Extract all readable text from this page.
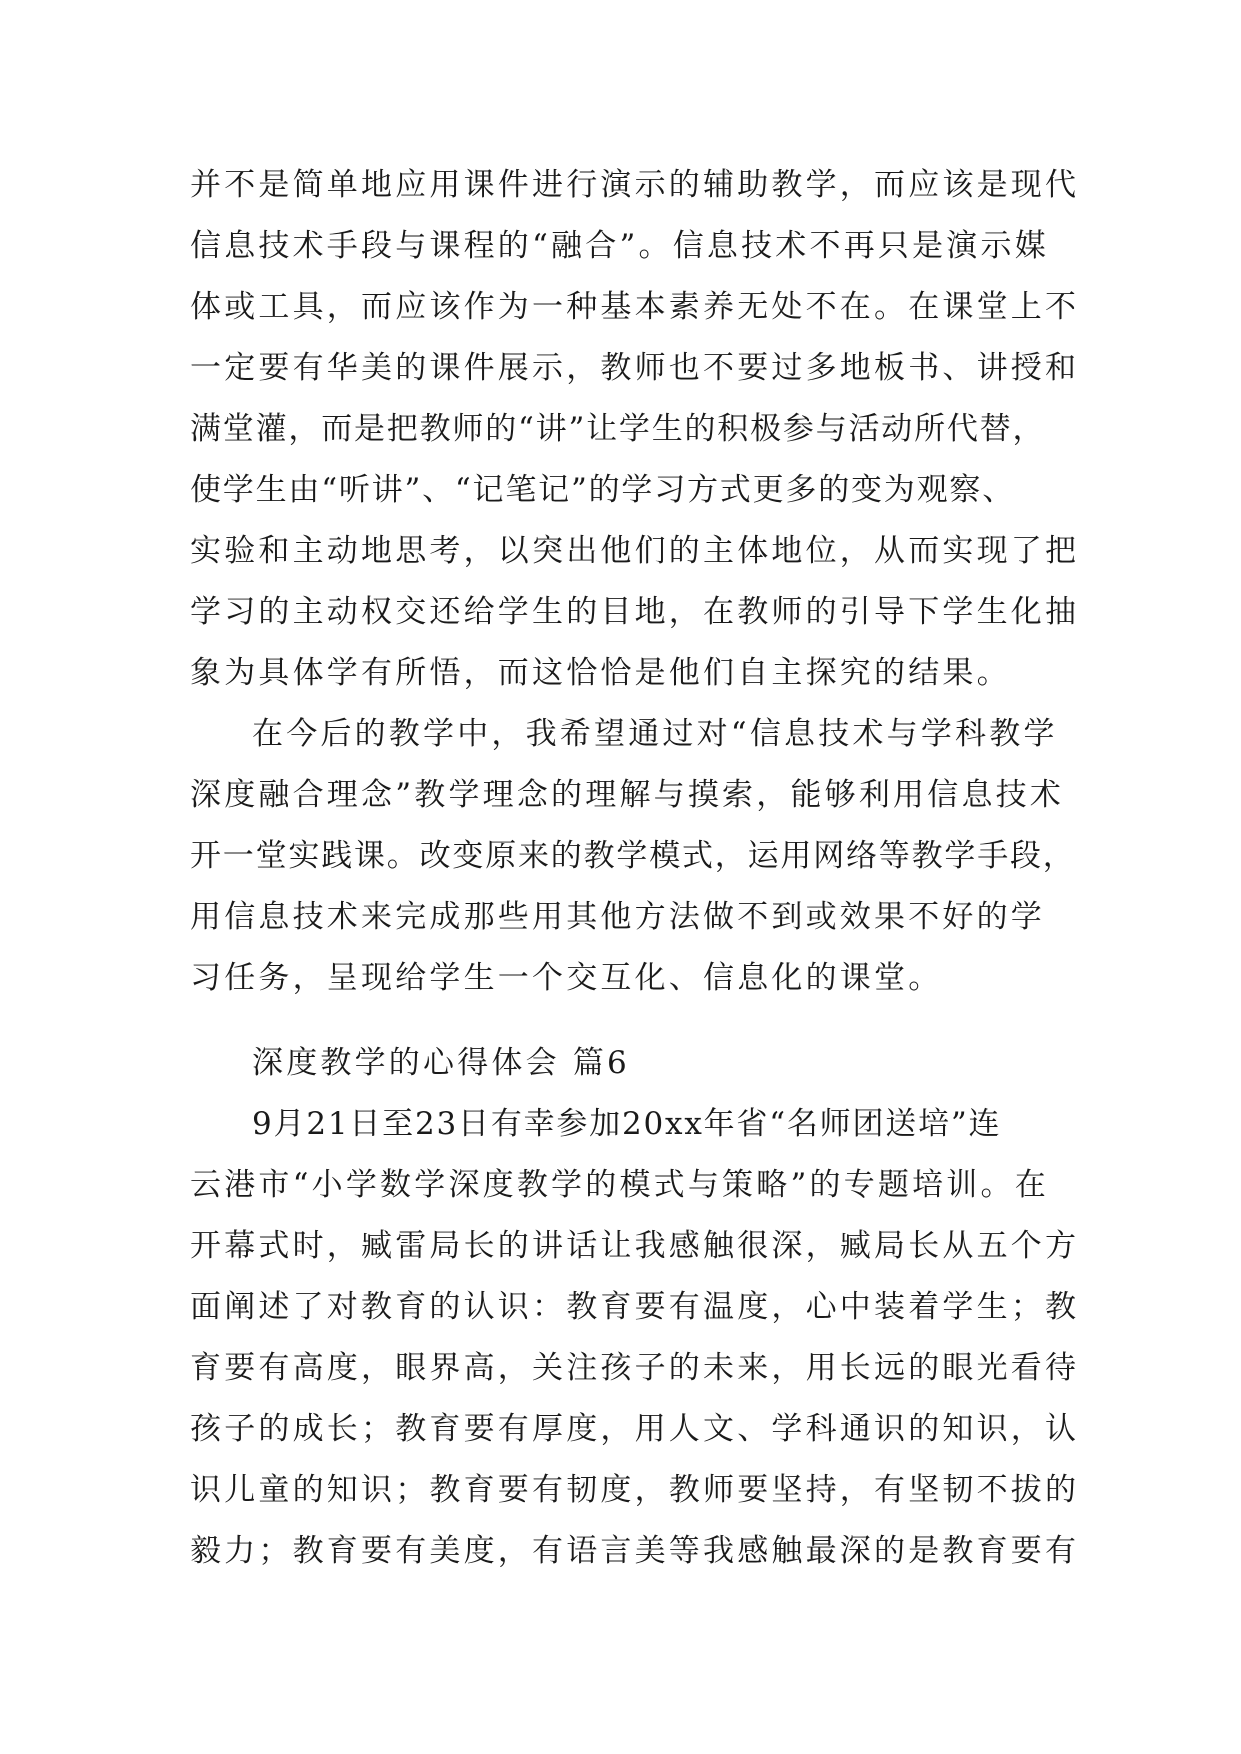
并不是简单地应用课件进行演示的辅助教学，而应该是现代
信息技术手段与课程的“融合”。信息技术不再只是演示媒
体或工具，而应该作为一种基本素养无处不在。在课堂上不
一定要有华美的课件展示，教师也不要过多地板书、讲授和
满堂灌，而是把教师的“讲”让学生的积极参与活动所代替，
使学生由“听讲”、“记笔记”的学习方式更多的变为观察、
实验和主动地思考，以突出他们的主体地位，从而实现了把
学习的主动权交还给学生的目地，在教师的引导下学生化抽
象为具体学有所悟，而这恰恰是他们自主探究的结果。
在今后的教学中，我希望通过对“信息技术与学科教学
深度融合理念”教学理念的理解与摸索，能够利用信息技术
开一堂实践课。改变原来的教学模式，运用网络等教学手段，
用信息技术来完成那些用其他方法做不到或效果不好的学
习任务，呈现给学生一个交互化、信息化的课堂。
深度教学的心得体会 篇6
9月21日至23日有幸参加20xx年省“名师团送培”连
云港市“小学数学深度教学的模式与策略”的专题培训。在
开幕式时，臧雷局长的讲话让我感触很深，臧局长从五个方
面阐述了对教育的认识：教育要有温度，心中装着学生；教
育要有高度，眼界高，关注孩子的未来，用长远的眼光看待
孩子的成长；教育要有厚度，用人文、学科通识的知识，认
识儿童的知识；教育要有韧度，教师要坚持，有坚韧不拔的
毅力；教育要有美度，有语言美等我感触最深的是教育要有
